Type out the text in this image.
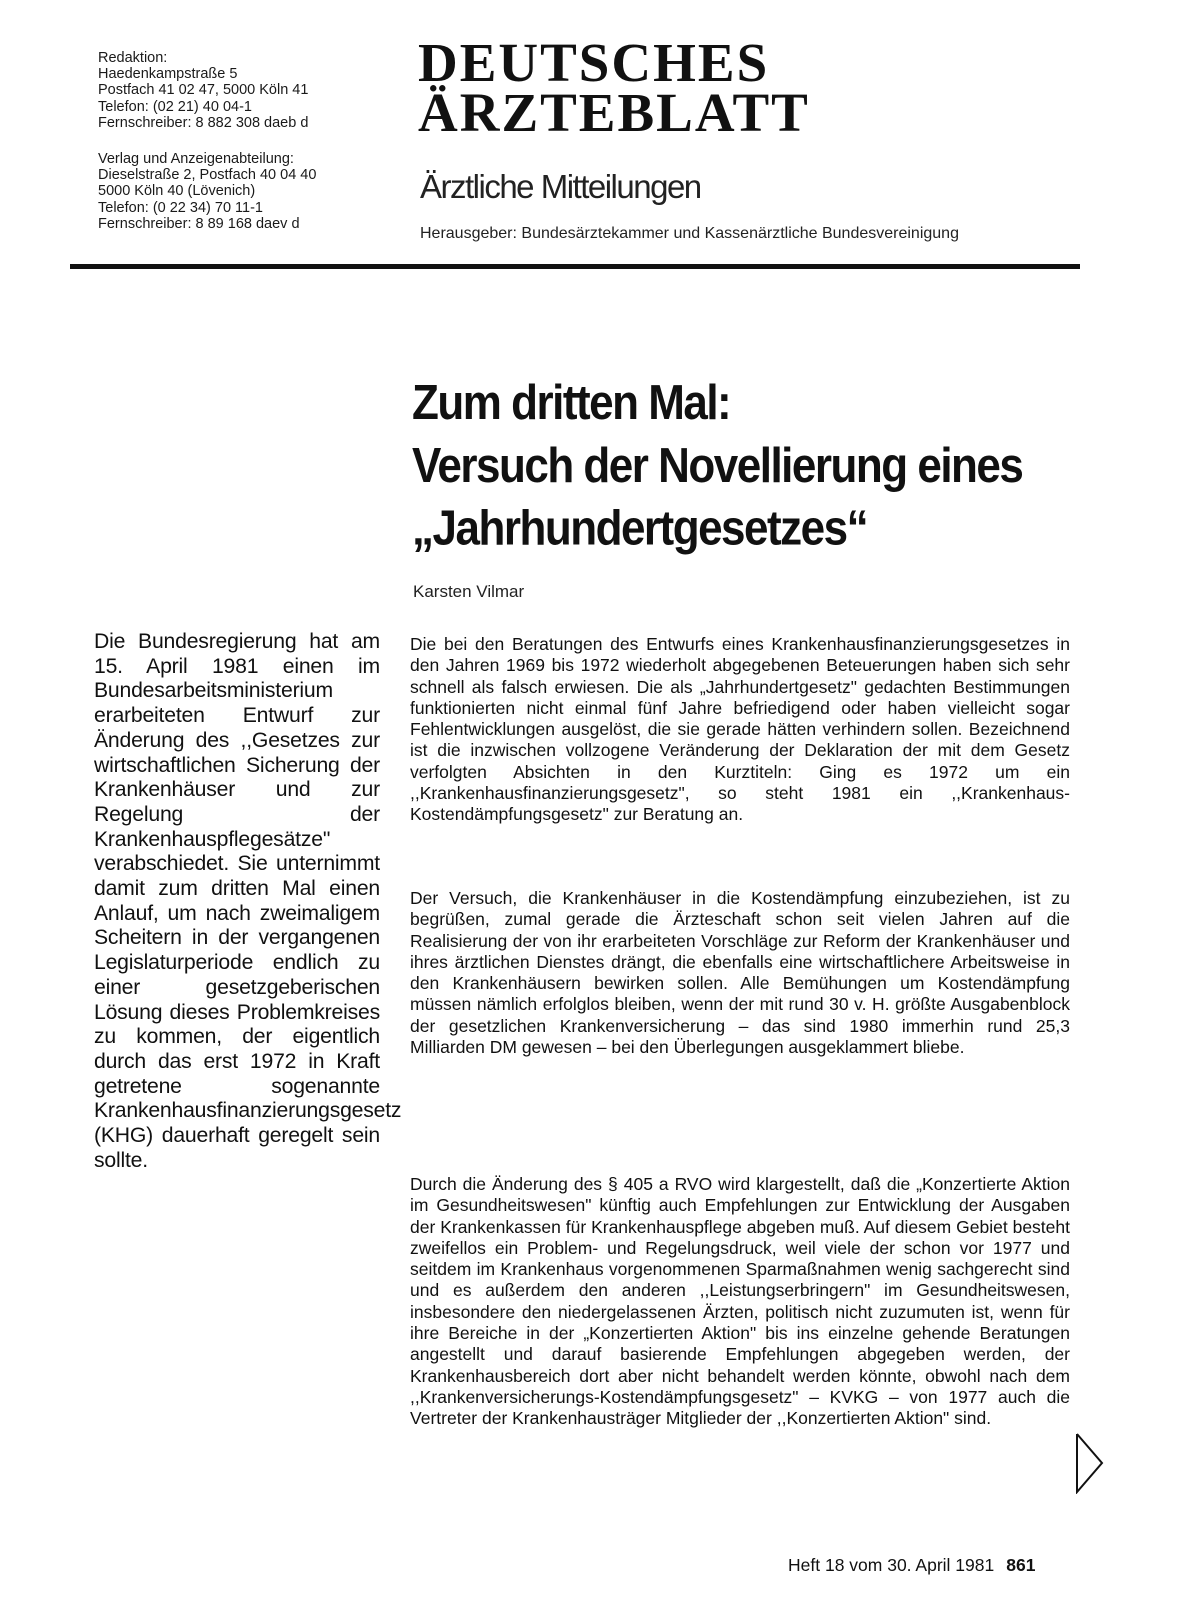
Redaktion:
Haedenkampstraße 5
Postfach 41 02 47, 5000 Köln 41
Telefon: (02 21) 40 04-1
Fernschreiber: 8 882 308 daeb d
Verlag und Anzeigenabteilung:
Dieselstraße 2, Postfach 40 04 40
5000 Köln 40 (Lövenich)
Telefon: (0 22 34) 70 11-1
Fernschreiber: 8 89 168 daev d
DEUTSCHES
ÄRZTEBLATT
Ärztliche Mitteilungen
Herausgeber: Bundesärztekammer und Kassenärztliche Bundesvereinigung
Zum dritten Mal:
Versuch der Novellierung eines
„Jahrhundertgesetzes“
Karsten Vilmar
Die Bundesregierung hat am 15. April 1981 einen im Bundesarbeitsministerium erarbeiteten Entwurf zur Änderung des ,,Gesetzes zur wirtschaftlichen Sicherung der Krankenhäuser und zur Regelung der Krankenhauspflegesätze" verabschiedet. Sie unternimmt damit zum dritten Mal einen Anlauf, um nach zweimaligem Scheitern in der vergangenen Legislaturperiode endlich zu einer gesetzgeberischen Lösung dieses Problemkreises zu kommen, der eigentlich durch das erst 1972 in Kraft getretene sogenannte Krankenhausfinanzierungsgesetz (KHG) dauerhaft geregelt sein sollte.
Die bei den Beratungen des Entwurfs eines Krankenhausfinanzierungsgesetzes in den Jahren 1969 bis 1972 wiederholt abgegebenen Beteuerungen haben sich sehr schnell als falsch erwiesen. Die als „Jahrhundertgesetz" gedachten Bestimmungen funktionierten nicht einmal fünf Jahre befriedigend oder haben vielleicht sogar Fehlentwicklungen ausgelöst, die sie gerade hätten verhindern sollen. Bezeichnend ist die inzwischen vollzogene Veränderung der Deklaration der mit dem Gesetz verfolgten Absichten in den Kurztiteln: Ging es 1972 um ein ,,Krankenhausfinanzierungsgesetz", so steht 1981 ein ,,Krankenhaus-Kostendämpfungsgesetz" zur Beratung an.
Der Versuch, die Krankenhäuser in die Kostendämpfung einzubeziehen, ist zu begrüßen, zumal gerade die Ärzteschaft schon seit vielen Jahren auf die Realisierung der von ihr erarbeiteten Vorschläge zur Reform der Krankenhäuser und ihres ärztlichen Dienstes drängt, die ebenfalls eine wirtschaftlichere Arbeitsweise in den Krankenhäusern bewirken sollen. Alle Bemühungen um Kostendämpfung müssen nämlich erfolglos bleiben, wenn der mit rund 30 v. H. größte Ausgabenblock der gesetzlichen Krankenversicherung – das sind 1980 immerhin rund 25,3 Milliarden DM gewesen – bei den Überlegungen ausgeklammert bliebe.
Durch die Änderung des § 405 a RVO wird klargestellt, daß die „Konzertierte Aktion im Gesundheitswesen" künftig auch Empfehlungen zur Entwicklung der Ausgaben der Krankenkassen für Krankenhauspflege abgeben muß. Auf diesem Gebiet besteht zweifellos ein Problem- und Regelungsdruck, weil viele der schon vor 1977 und seitdem im Krankenhaus vorgenommenen Sparmaßnahmen wenig sachgerecht sind und es außerdem den anderen ,,Leistungserbringern" im Gesundheitswesen, insbesondere den niedergelassenen Ärzten, politisch nicht zuzumuten ist, wenn für ihre Bereiche in der „Konzertierten Aktion" bis ins einzelne gehende Beratungen angestellt und darauf basierende Empfehlungen abgegeben werden, der Krankenhausbereich dort aber nicht behandelt werden könnte, obwohl nach dem ,,Krankenversicherungs-Kostendämpfungsgesetz" – KVKG – von 1977 auch die Vertreter der Krankenhausträger Mitglieder der ,,Konzertierten Aktion" sind.
Heft 18 vom 30. April 1981 861
